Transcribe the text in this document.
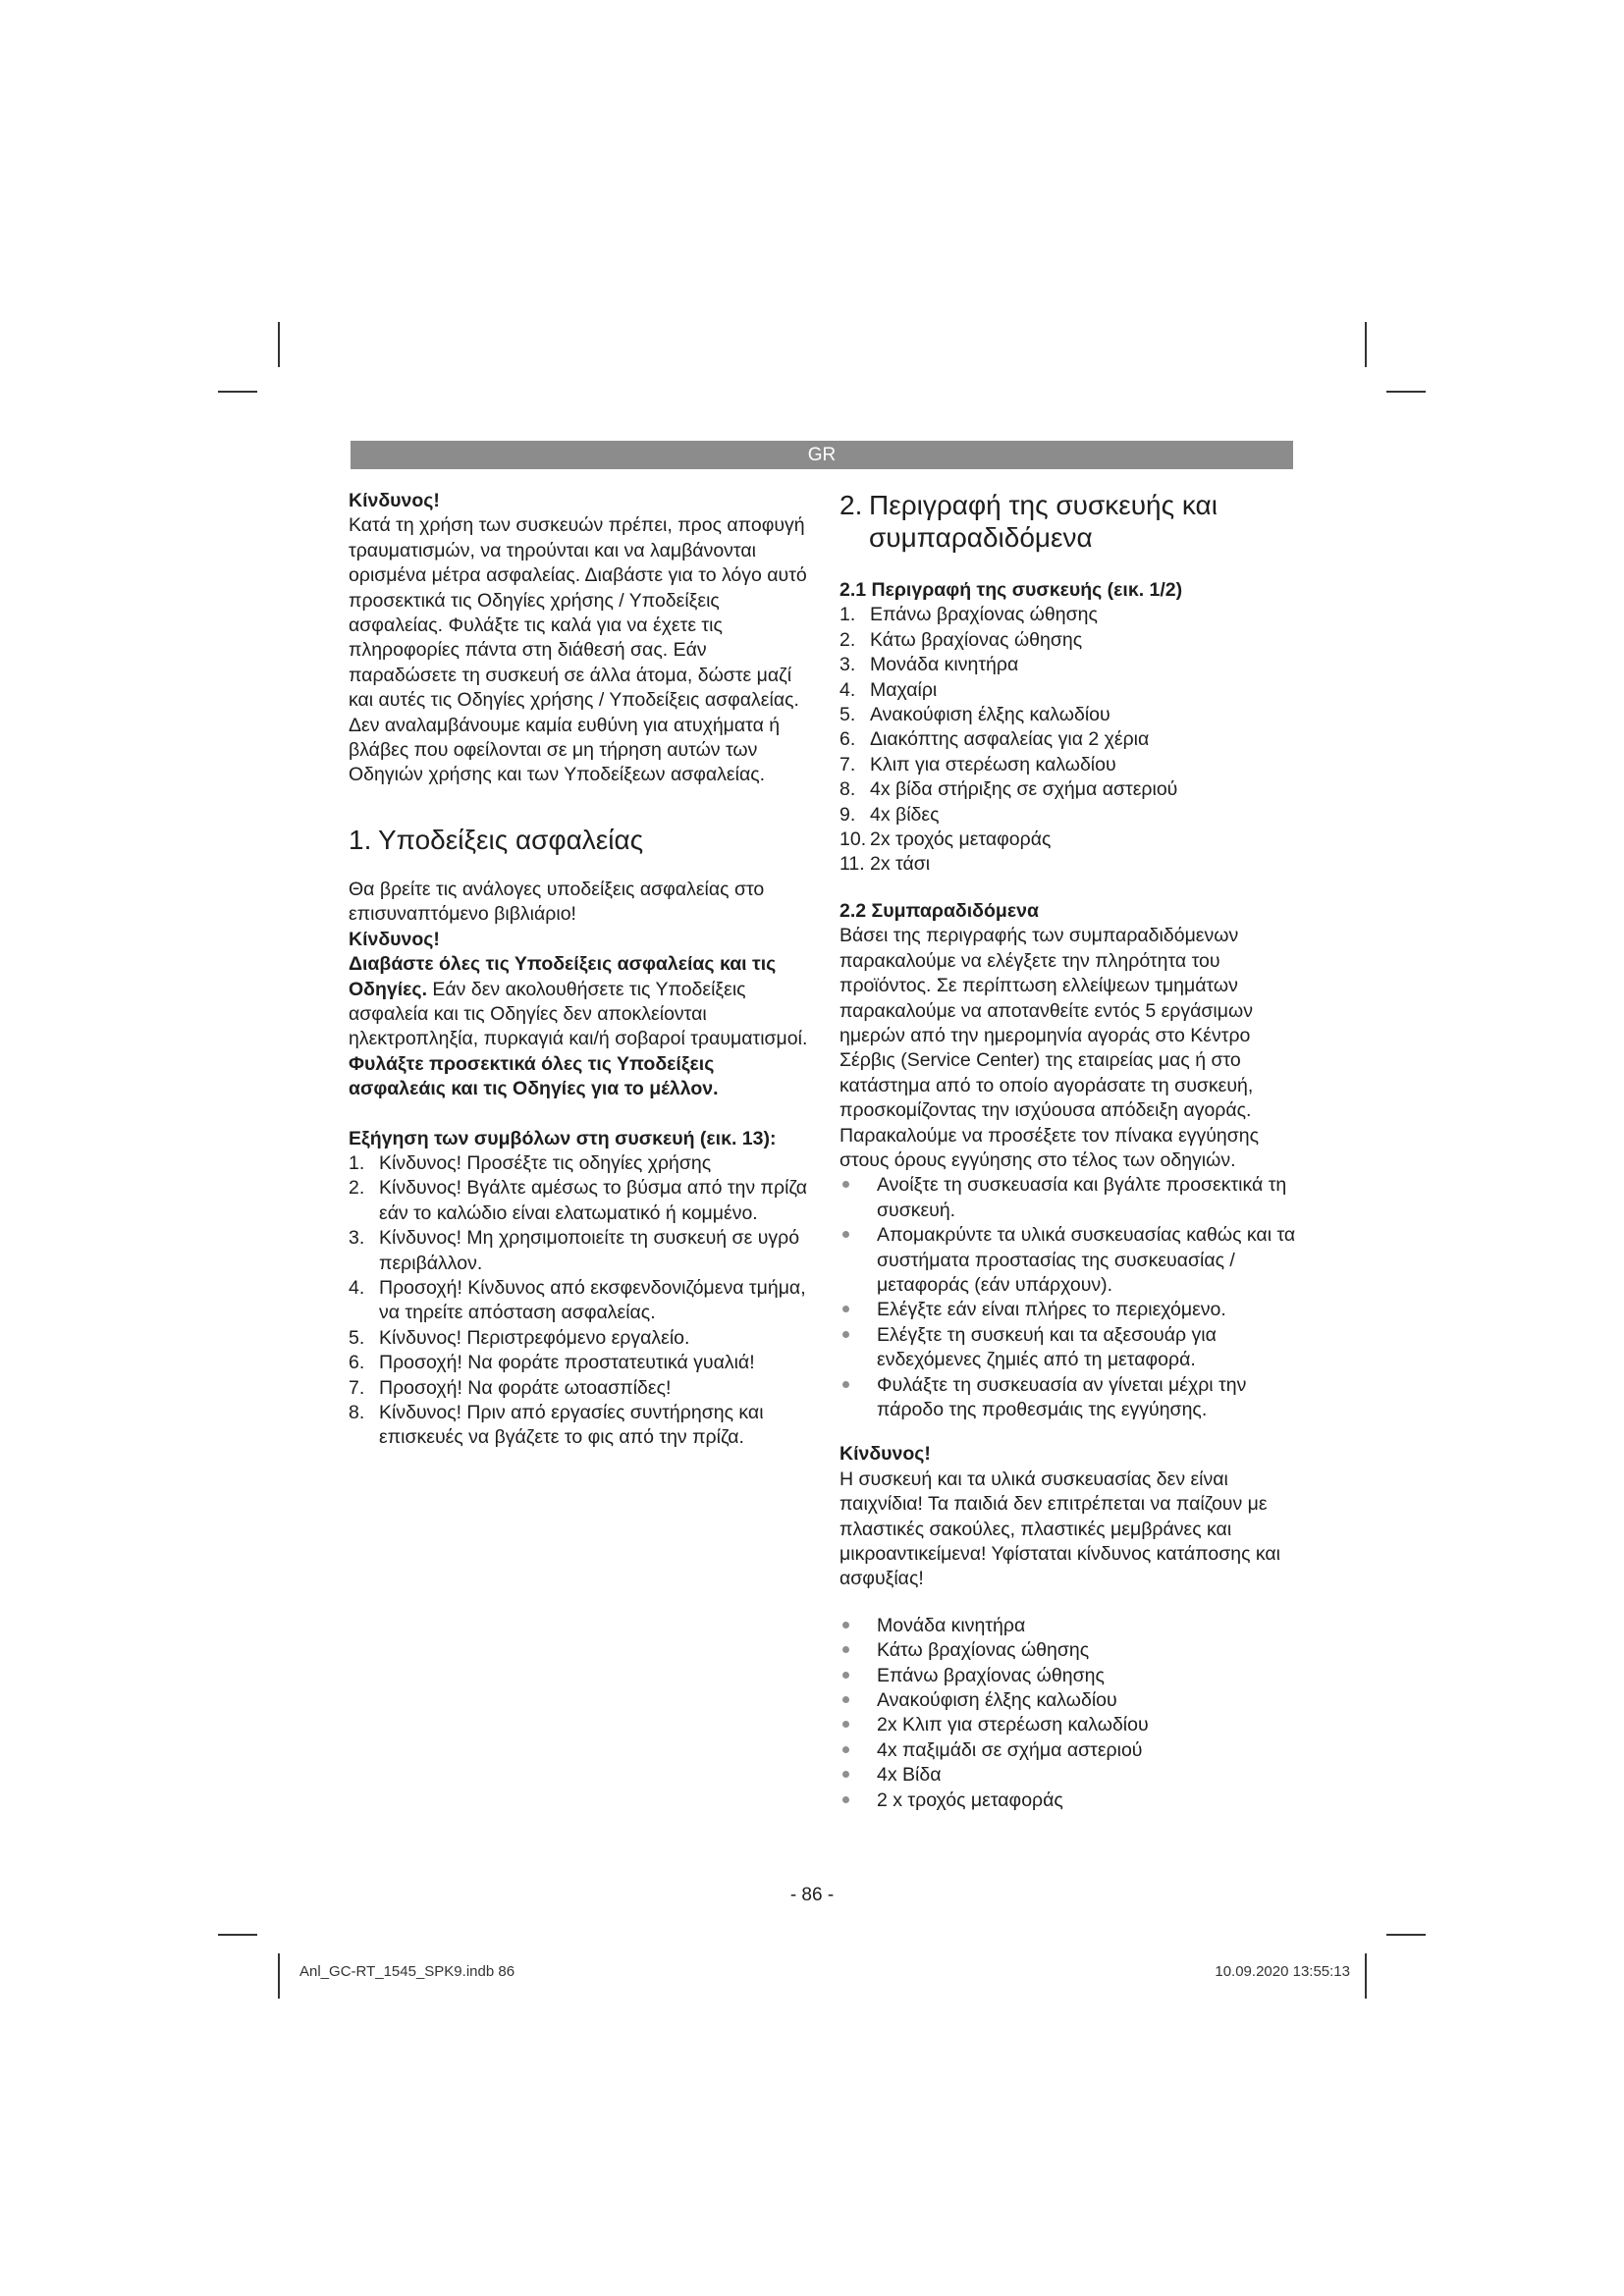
GR

Κίνδυνος!

Κατά τη χρήση των συσκευών πρέπει, προς αποφυγή τραυματισμών, να τηρούνται και να λαμβάνονται ορισμένα μέτρα ασφαλείας. Διαβάστε για το λόγο αυτό προσεκτικά τις Οδηγίες χρήσης / Υποδείξεις ασφαλείας. Φυλάξτε τις καλά για να έχετε τις πληροφορίες πάντα στη διάθεσή σας. Εάν παραδώσετε τη συσκευή σε άλλα άτομα, δώστε μαζί και αυτές τις Οδηγίες χρήσης / Υποδείξεις ασφαλείας. Δεν αναλαμβάνουμε καμία ευθύνη για ατυχήματα ή βλάβες που οφείλονται σε μη τήρηση αυτών των Οδηγιών χρήσης και των Υποδείξεων ασφαλείας.

1. Υποδείξεις ασφαλείας

Θα βρείτε τις ανάλογες υποδείξεις ασφαλείας στο επισυναπτόμενο βιβλιάριο!

Κίνδυνος!

Διαβάστε όλες τις Υποδείξεις ασφαλείας και τις Οδηγίες. Εάν δεν ακολουθήσετε τις Υποδείξεις ασφαλεία και τις Οδηγίες δεν αποκλείονται ηλεκτροπληξία, πυρκαγιά και/ή σοβαροί τραυματισμοί. Φυλάξτε προσεκτικά όλες τις Υποδείξεις ασφαλεάις και τις Οδηγίες για το μέλλον.

Εξήγηση των συμβόλων στη συσκευή (εικ. 13):

1. Κίνδυνος! Προσέξτε τις οδηγίες χρήσης
2. Κίνδυνος! Βγάλτε αμέσως το βύσμα από την πρίζα εάν το καλώδιο είναι ελατωματικό ή κομμένο.
3. Κίνδυνος! Μη χρησιμοποιείτε τη συσκευή σε υγρό περιβάλλον.
4. Προσοχή! Κίνδυνος από εκσφενδονιζόμενα τμήμα, να τηρείτε απόσταση ασφαλείας.
5. Κίνδυνος! Περιστρεφόμενο εργαλείο.
6. Προσοχή! Να φοράτε προστατευτικά γυαλιά!
7. Προσοχή! Να φοράτε ωτοασπίδες!
8. Κίνδυνος! Πριν από εργασίες συντήρησης και επισκευές να βγάζετε το φις από την πρίζα.
2. Περιγραφή της συσκευής και συμπαραδιδόμενα

2.1 Περιγραφή της συσκευής (εικ. 1/2)

1. Επάνω βραχίονας ώθησης
2. Κάτω βραχίονας ώθησης
3. Μονάδα κινητήρα
4. Μαχαίρι
5. Ανακούφιση έλξης καλωδίου
6. Διακόπτης ασφαλείας για 2 χέρια
7. Κλιπ για στερέωση καλωδίου
8. 4x βίδα στήριξης σε σχήμα αστεριού
9. 4x βίδες
10. 2x τροχός μεταφοράς
11. 2x τάσι

2.2 Συμπαραδιδόμενα

Βάσει της περιγραφής των συμπαραδιδόμενων παρακαλούμε να ελέγξετε την πληρότητα του προϊόντος. Σε περίπτωση ελλείψεων τμημάτων παρακαλούμε να αποτανθείτε εντός 5 εργάσιμων ημερών από την ημερομηνία αγοράς στο Κέντρο Σέρβις (Service Center) της εταιρείας μας ή στο κατάστημα από το οποίο αγοράσατε τη συσκευή, προσκομίζοντας την ισχύουσα απόδειξη αγοράς. Παρακαλούμε να προσέξετε τον πίνακα εγγύησης στους όρους εγγύησης στο τέλος των οδηγιών.

Ανοίξτε τη συσκευασία και βγάλτε προσεκτικά τη συσκευή.
Απομακρύντε τα υλικά συσκευασίας καθώς και τα συστήματα προστασίας της συσκευασίας / μεταφοράς (εάν υπάρχουν).
Ελέγξτε εάν είναι πλήρες το περιεχόμενο.
Ελέγξτε τη συσκευή και τα αξεσουάρ για ενδεχόμενες ζημιές από τη μεταφορά.
Φυλάξτε τη συσκευασία αν γίνεται μέχρι την πάροδο της προθεσμάις της εγγύησης.

Κίνδυνος!

Η συσκευή και τα υλικά συσκευασίας δεν είναι παιχνίδια! Τα παιδιά δεν επιτρέπεται να παίζουν με πλαστικές σακούλες, πλαστικές μεμβράνες και μικροαντικείμενα! Υφίσταται κίνδυνος κατάποσης και ασφυξίας!

Μονάδα κινητήρα
Κάτω βραχίονας ώθησης
Επάνω βραχίονας ώθησης
Ανακούφιση έλξης καλωδίου
2x Κλιπ για στερέωση καλωδίου
4x παξιμάδι σε σχήμα αστεριού
4x Βίδα
2 x τροχός μεταφοράς
- 86 -
Anl_GC-RT_1545_SPK9.indb 86	10.09.2020 13:55:13
